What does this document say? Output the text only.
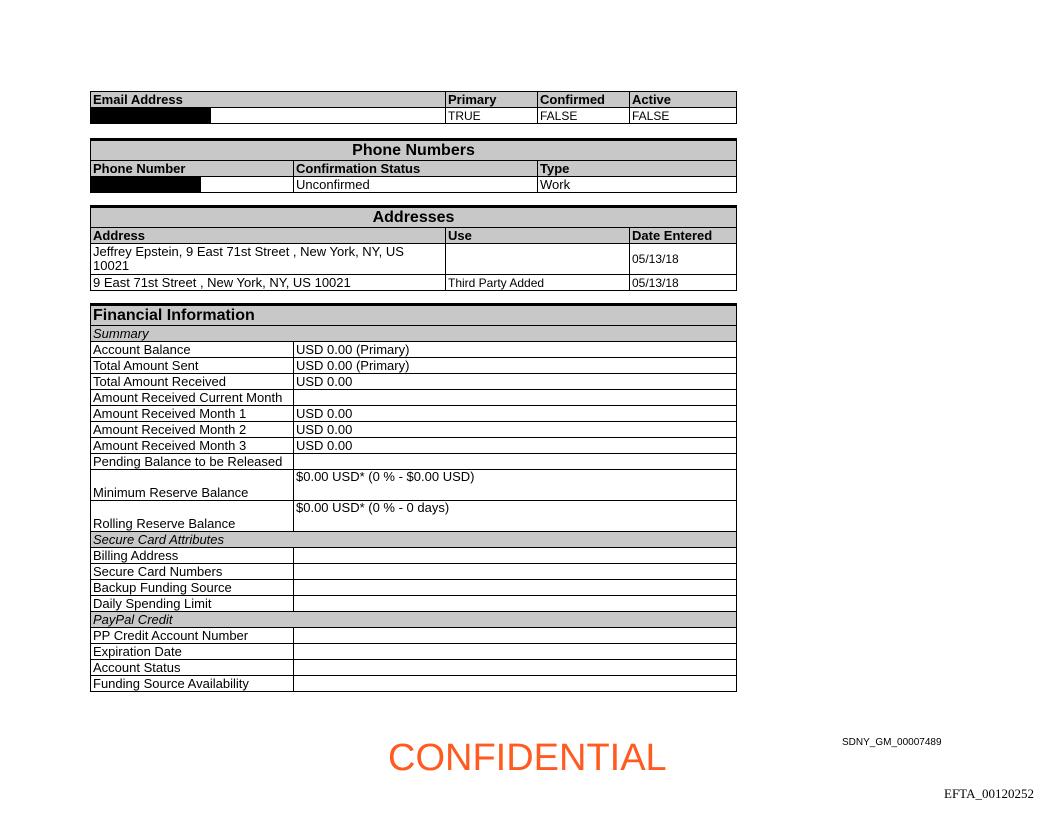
Email Address	Primary	Confirmed	Active
	TRUE	FALSE	FALSE
Phone Numbers		
Phone Number	Confirmation Status	Type
	Unconfirmed	Work
Addresses		
Address	Use	Date Entered
Jeffrey Epstein, 9 East 71st Street , New York, NY, US 10021		05/13/18
9 East 71st Street , New York, NY, US 10021	Third Party Added	05/13/18
Financial Information	
Summary	
Account Balance	USD 0.00 (Primary)
Total Amount Sent	USD 0.00 (Primary)
Total Amount Received	USD 0.00
Amount Received Current Month	
Amount Received Month 1	USD 0.00
Amount Received Month 2	USD 0.00
Amount Received Month 3	USD 0.00
Pending Balance to be Released	
Minimum Reserve Balance	$0.00 USD* (0 % - $0.00 USD)
Rolling Reserve Balance	$0.00 USD* (0 % - 0 days)
Secure Card Attributes	
Billing Address	
Secure Card Numbers	
Backup Funding Source	
Daily Spending Limit	
PayPal Credit	
PP Credit Account Number	
Expiration Date	
Account Status	
Funding Source Availability	
CONFIDENTIAL	SDNY_GM_00007489
EFTA_00120252
